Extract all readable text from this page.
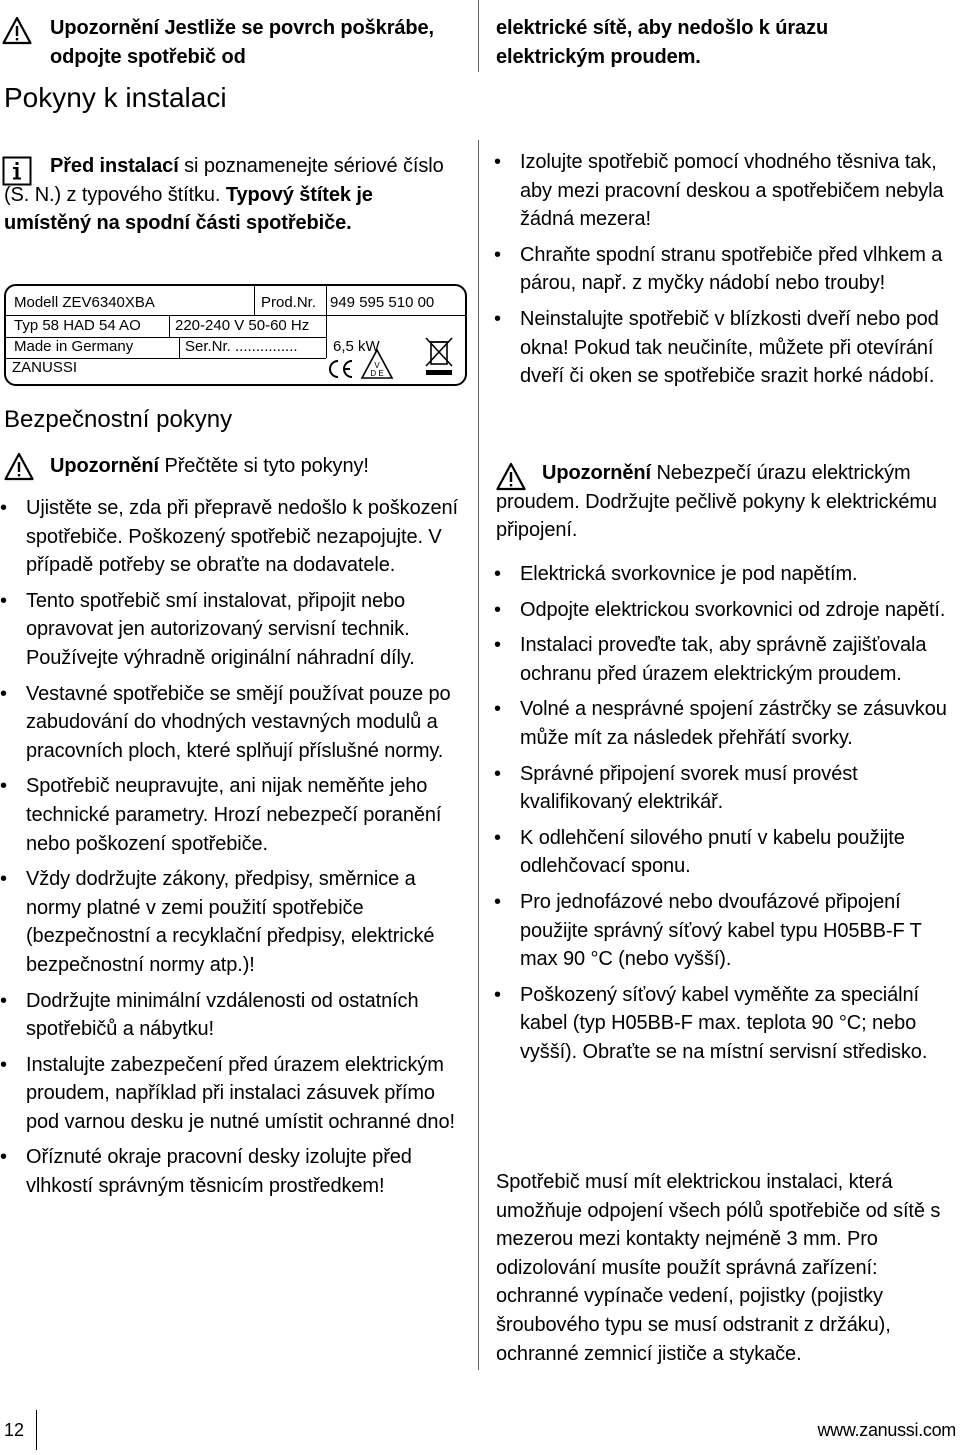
Upozornění Jestliže se povrch poškrábe, odpojte spotřebič od
Pokyny k instalaci
Před instalací si poznamenejte sériové číslo (S. N.) z typového štítku. Typový štítek je umístěný na spodní části spotřebiče.
Modell ZEV6340XBA	Prod.Nr. 949 595 510 00
Typ 58 HAD 54 AO 220-240 V 50-60 Hz
Made in Germany	Ser.Nr. ............... 6,5 kW
ZANUSSI	V
D E
Bezpečnostní pokyny
Upozornění Přečtěte si tyto pokyny!
• Ujistěte se, zda při přepravě nedošlo k poškození spotřebiče. Poškozený spotřebič nezapojujte. V případě potřeby se obraťte na dodavatele.
• Tento spotřebič smí instalovat, připojit nebo opravovat jen autorizovaný servisní technik. Používejte výhradně originální náhradní díly.
• Vestavné spotřebiče se smějí používat pouze po zabudování do vhodných vestavných modulů a pracovních ploch, které splňují příslušné normy.
• Spotřebič neupravujte, ani nijak neměňte jeho technické parametry. Hrozí nebezpečí poranění nebo poškození spotřebiče.
• Vždy dodržujte zákony, předpisy, směrnice a normy platné v zemi použití spotřebiče (bezpečnostní a recyklační předpisy, elektrické bezpečnostní normy atp.)!
• Dodržujte minimální vzdálenosti od ostatních spotřebičů a nábytku!
• Instalujte zabezpečení před úrazem elektrickým proudem, například při instalaci zásuvek přímo pod varnou desku je nutné umístit ochranné dno!
• Oříznuté okraje pracovní desky izolujte před vlhkostí správným těsnicím prostředkem!
elektrické sítě, aby nedošlo k úrazu elektrickým proudem.
• Izolujte spotřebič pomocí vhodného těsniva tak, aby mezi pracovní deskou a spotřebičem nebyla žádná mezera!
• Chraňte spodní stranu spotřebiče před vlhkem a párou, např. z myčky nádobí nebo trouby!
• Neinstalujte spotřebič v blízkosti dveří nebo pod okna! Pokud tak neučiníte, můžete při otevírání dveří či oken se spotřebiče srazit horké nádobí.
Upozornění Nebezpečí úrazu elektrickým proudem. Dodržujte pečlivě pokyny k elektrickému připojení.
• Elektrická svorkovnice je pod napětím.
• Odpojte elektrickou svorkovnici od zdroje napětí.
• Instalaci proveďte tak, aby správně zajišťovala ochranu před úrazem elektrickým proudem.
• Volné a nesprávné spojení zástrčky se zásuvkou může mít za následek přehřátí svorky.
• Správné připojení svorek musí provést kvalifikovaný elektrikář.
• K odlehčení silového pnutí v kabelu použijte odlehčovací sponu.
• Pro jednofázové nebo dvoufázové připojení použijte správný síťový kabel typu H05BB-F T max 90 °C (nebo vyšší).
• Poškozený síťový kabel vyměňte za speciální kabel (typ H05BB-F max. teplota 90 °C; nebo vyšší). Obraťte se na místní servisní středisko.
Spotřebič musí mít elektrickou instalaci, která umožňuje odpojení všech pólů spotřebiče od sítě s mezerou mezi kontakty nejméně 3 mm. Pro odizolování musíte použít správná zařízení: ochranné vypínače vedení, pojistky (pojistky šroubového typu se musí odstranit z držáku), ochranné zemnicí jističe a stykače.
12	www.zanussi.com
